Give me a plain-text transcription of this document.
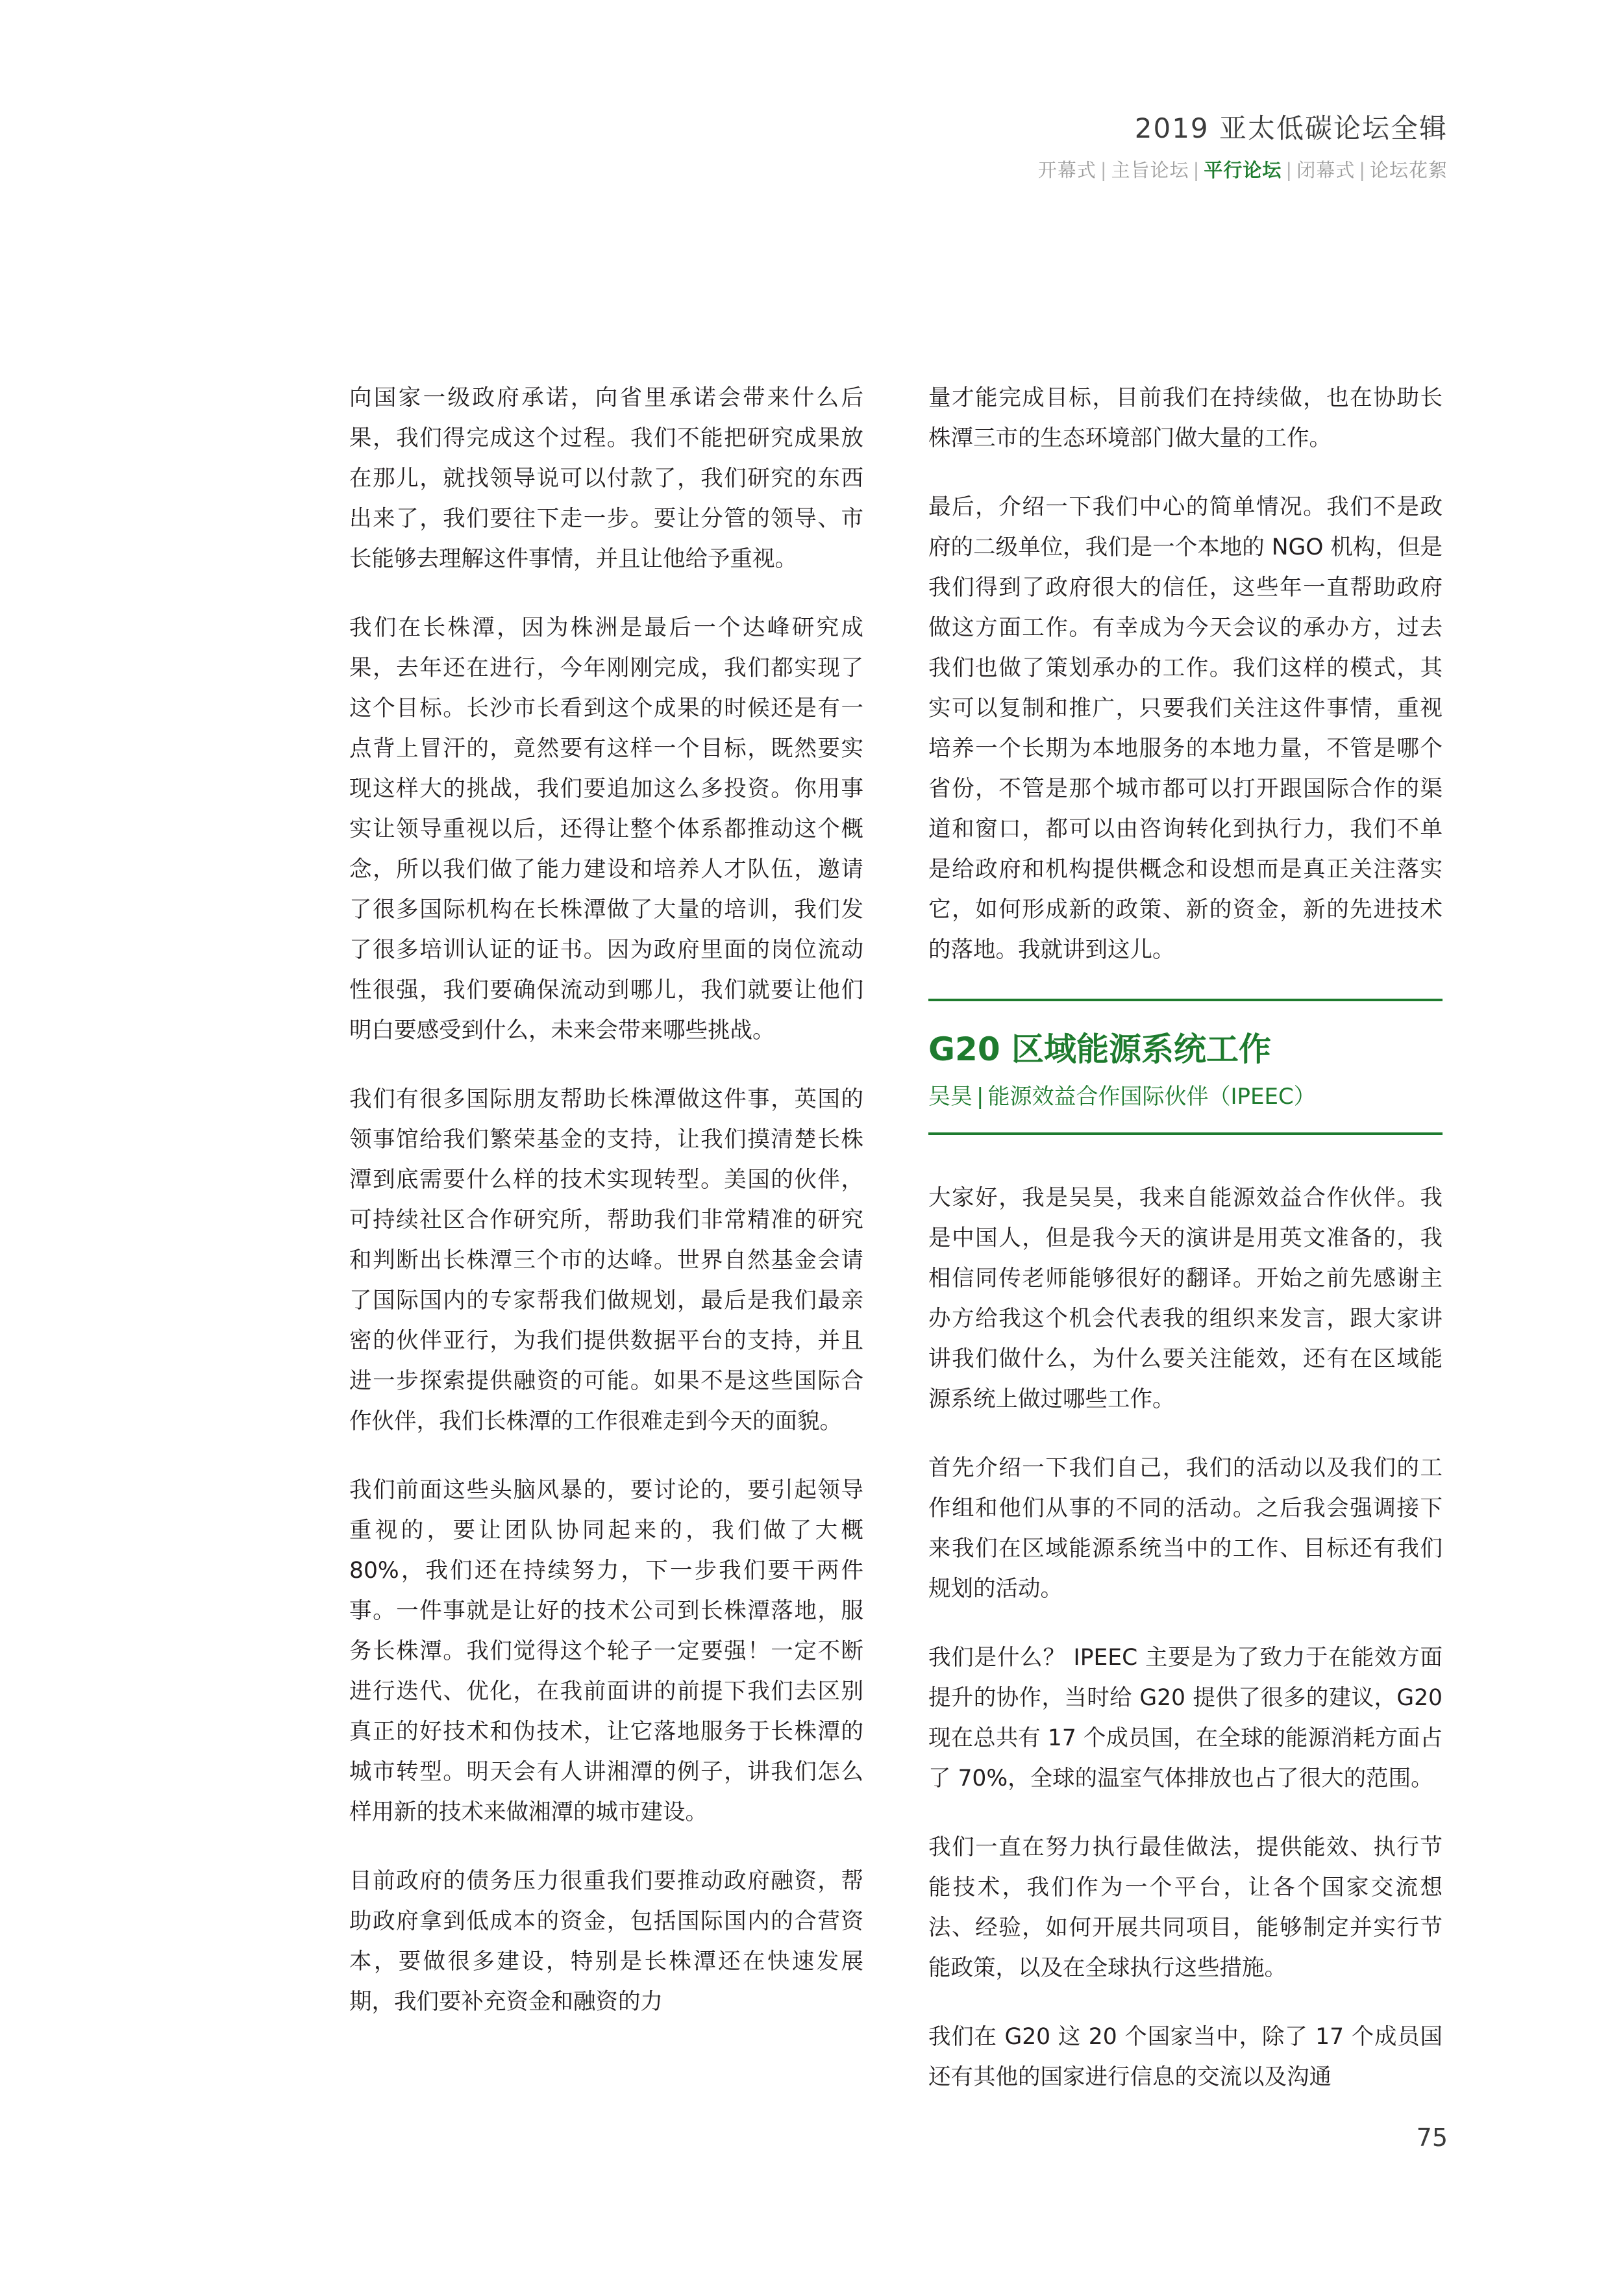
2019 亚太低碳论坛全辑
开幕式 | 主旨论坛 | 平行论坛 | 闭幕式 | 论坛花絮

向国家一级政府承诺，向省里承诺会带来什么后果，我们得完成这个过程。我们不能把研究成果放在那儿，就找领导说可以付款了，我们研究的东西出来了，我们要往下走一步。要让分管的领导、市长能够去理解这件事情，并且让他给予重视。

我们在长株潭，因为株洲是最后一个达峰研究成果，去年还在进行，今年刚刚完成，我们都实现了这个目标。长沙市长看到这个成果的时候还是有一点背上冒汗的，竟然要有这样一个目标，既然要实现这样大的挑战，我们要追加这么多投资。你用事实让领导重视以后，还得让整个体系都推动这个概念，所以我们做了能力建设和培养人才队伍，邀请了很多国际机构在长株潭做了大量的培训，我们发了很多培训认证的证书。因为政府里面的岗位流动性很强，我们要确保流动到哪儿，我们就要让他们明白要感受到什么，未来会带来哪些挑战。

我们有很多国际朋友帮助长株潭做这件事，英国的领事馆给我们繁荣基金的支持，让我们摸清楚长株潭到底需要什么样的技术实现转型。美国的伙伴，可持续社区合作研究所，帮助我们非常精准的研究和判断出长株潭三个市的达峰。世界自然基金会请了国际国内的专家帮我们做规划，最后是我们最亲密的伙伴亚行，为我们提供数据平台的支持，并且进一步探索提供融资的可能。如果不是这些国际合作伙伴，我们长株潭的工作很难走到今天的面貌。

我们前面这些头脑风暴的，要讨论的，要引起领导重视的，要让团队协同起来的，我们做了大概 80%，我们还在持续努力，下一步我们要干两件事。一件事就是让好的技术公司到长株潭落地，服务长株潭。我们觉得这个轮子一定要强！一定不断进行迭代、优化，在我前面讲的前提下我们去区别真正的好技术和伪技术，让它落地服务于长株潭的城市转型。明天会有人讲湘潭的例子，讲我们怎么样用新的技术来做湘潭的城市建设。

目前政府的债务压力很重我们要推动政府融资，帮助政府拿到低成本的资金，包括国际国内的合营资本，要做很多建设，特别是长株潭还在快速发展期，我们要补充资金和融资的力

量才能完成目标，目前我们在持续做，也在协助长株潭三市的生态环境部门做大量的工作。

最后，介绍一下我们中心的简单情况。我们不是政府的二级单位，我们是一个本地的 NGO 机构，但是我们得到了政府很大的信任，这些年一直帮助政府做这方面工作。有幸成为今天会议的承办方，过去我们也做了策划承办的工作。我们这样的模式，其实可以复制和推广，只要我们关注这件事情，重视培养一个长期为本地服务的本地力量，不管是哪个省份，不管是那个城市都可以打开跟国际合作的渠道和窗口，都可以由咨询转化到执行力，我们不单是给政府和机构提供概念和设想而是真正关注落实它，如何形成新的政策、新的资金，新的先进技术的落地。我就讲到这儿。

G20 区域能源系统工作
吴昊 | 能源效益合作国际伙伴（IPEEC）

大家好，我是吴昊，我来自能源效益合作伙伴。我是中国人，但是我今天的演讲是用英文准备的，我相信同传老师能够很好的翻译。开始之前先感谢主办方给我这个机会代表我的组织来发言，跟大家讲讲我们做什么，为什么要关注能效，还有在区域能源系统上做过哪些工作。

首先介绍一下我们自己，我们的活动以及我们的工作组和他们从事的不同的活动。之后我会强调接下来我们在区域能源系统当中的工作、目标还有我们规划的活动。

我们是什么？ IPEEC 主要是为了致力于在能效方面提升的协作，当时给 G20 提供了很多的建议，G20 现在总共有 17 个成员国，在全球的能源消耗方面占了 70%，全球的温室气体排放也占了很大的范围。

我们一直在努力执行最佳做法，提供能效、执行节能技术，我们作为一个平台，让各个国家交流想法、经验，如何开展共同项目，能够制定并实行节能政策，以及在全球执行这些措施。

我们在 G20 这 20 个国家当中，除了 17 个成员国还有其他的国家进行信息的交流以及沟通

75
